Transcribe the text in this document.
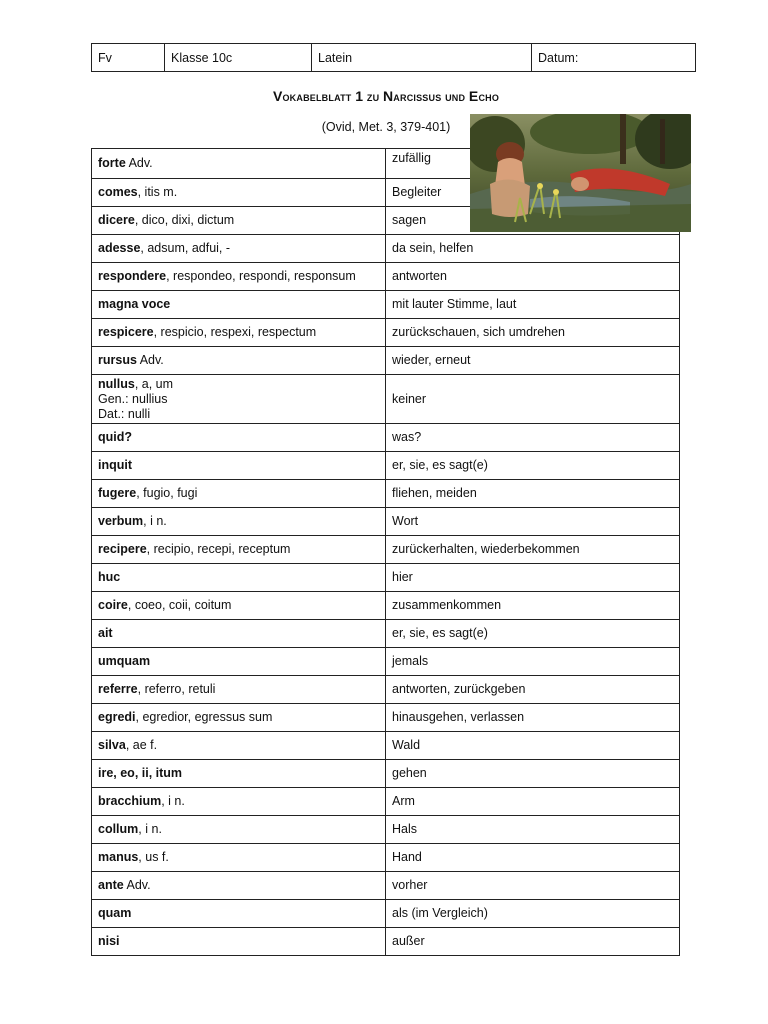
Fv	Klasse 10c	Latein	Datum:
Vokabelblatt 1 zu Narcissus und Echo
(Ovid, Met. 3, 379-401)
forte Adv.	zufällig
comes, itis m.	Begleiter
dicere, dico, dixi, dictum	sagen
adesse, adsum, adfui, -	da sein, helfen
respondere, respondeo, respondi, responsum	antworten
magna voce	mit lauter Stimme, laut
respicere, respicio, respexi, respectum	zurückschauen, sich umdrehen
rursus Adv.	wieder, erneut
nullus, a, um
Gen.: nullius
Dat.: nulli	keiner
quid?	was?
inquit	er, sie, es sagt(e)
fugere, fugio, fugi	fliehen, meiden
verbum, i n.	Wort
recipere, recipio, recepi, receptum	zurückerhalten, wiederbekommen
huc	hier
coire, coeo, coii, coitum	zusammenkommen
ait	er, sie, es sagt(e)
umquam	jemals
referre, referro, retuli	antworten, zurückgeben
egredi, egredior, egressus sum	hinausgehen, verlassen
silva, ae f.	Wald
ire, eo, ii, itum	gehen
bracchium, i n.	Arm
collum, i n.	Hals
manus, us f.	Hand
ante Adv.	vorher
quam	als (im Vergleich)
nisi	außer
